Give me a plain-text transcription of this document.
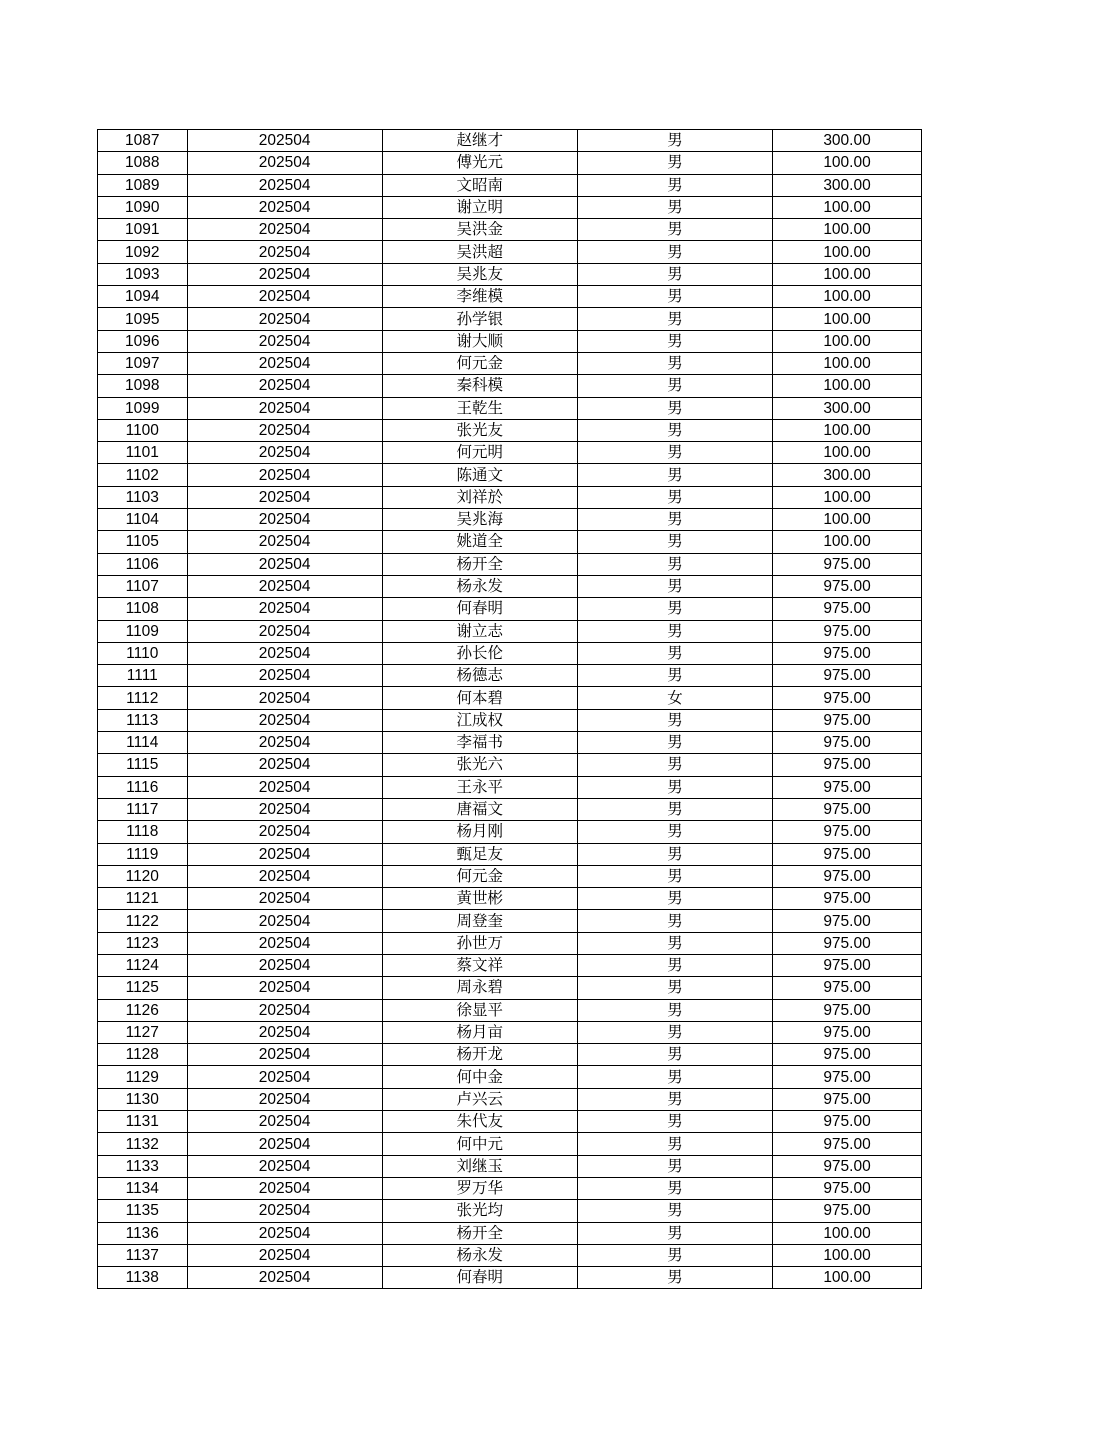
1087	202504	赵继才	男	300.00
1088	202504	傅光元	男	100.00
1089	202504	文昭南	男	300.00
1090	202504	谢立明	男	100.00
1091	202504	吴洪金	男	100.00
1092	202504	吴洪超	男	100.00
1093	202504	吴兆友	男	100.00
1094	202504	李维模	男	100.00
1095	202504	孙学银	男	100.00
1096	202504	谢大顺	男	100.00
1097	202504	何元金	男	100.00
1098	202504	秦科模	男	100.00
1099	202504	王乾生	男	300.00
1100	202504	张光友	男	100.00
1101	202504	何元明	男	100.00
1102	202504	陈通文	男	300.00
1103	202504	刘祥於	男	100.00
1104	202504	吴兆海	男	100.00
1105	202504	姚道全	男	100.00
1106	202504	杨开全	男	975.00
1107	202504	杨永发	男	975.00
1108	202504	何春明	男	975.00
1109	202504	谢立志	男	975.00
1110	202504	孙长伦	男	975.00
1111	202504	杨德志	男	975.00
1112	202504	何本碧	女	975.00
1113	202504	江成权	男	975.00
1114	202504	李福书	男	975.00
1115	202504	张光六	男	975.00
1116	202504	王永平	男	975.00
1117	202504	唐福文	男	975.00
1118	202504	杨月刚	男	975.00
1119	202504	甄足友	男	975.00
1120	202504	何元金	男	975.00
1121	202504	黄世彬	男	975.00
1122	202504	周登奎	男	975.00
1123	202504	孙世万	男	975.00
1124	202504	蔡文祥	男	975.00
1125	202504	周永碧	男	975.00
1126	202504	徐显平	男	975.00
1127	202504	杨月亩	男	975.00
1128	202504	杨开龙	男	975.00
1129	202504	何中金	男	975.00
1130	202504	卢兴云	男	975.00
1131	202504	朱代友	男	975.00
1132	202504	何中元	男	975.00
1133	202504	刘继玉	男	975.00
1134	202504	罗万华	男	975.00
1135	202504	张光均	男	975.00
1136	202504	杨开全	男	100.00
1137	202504	杨永发	男	100.00
1138	202504	何春明	男	100.00
